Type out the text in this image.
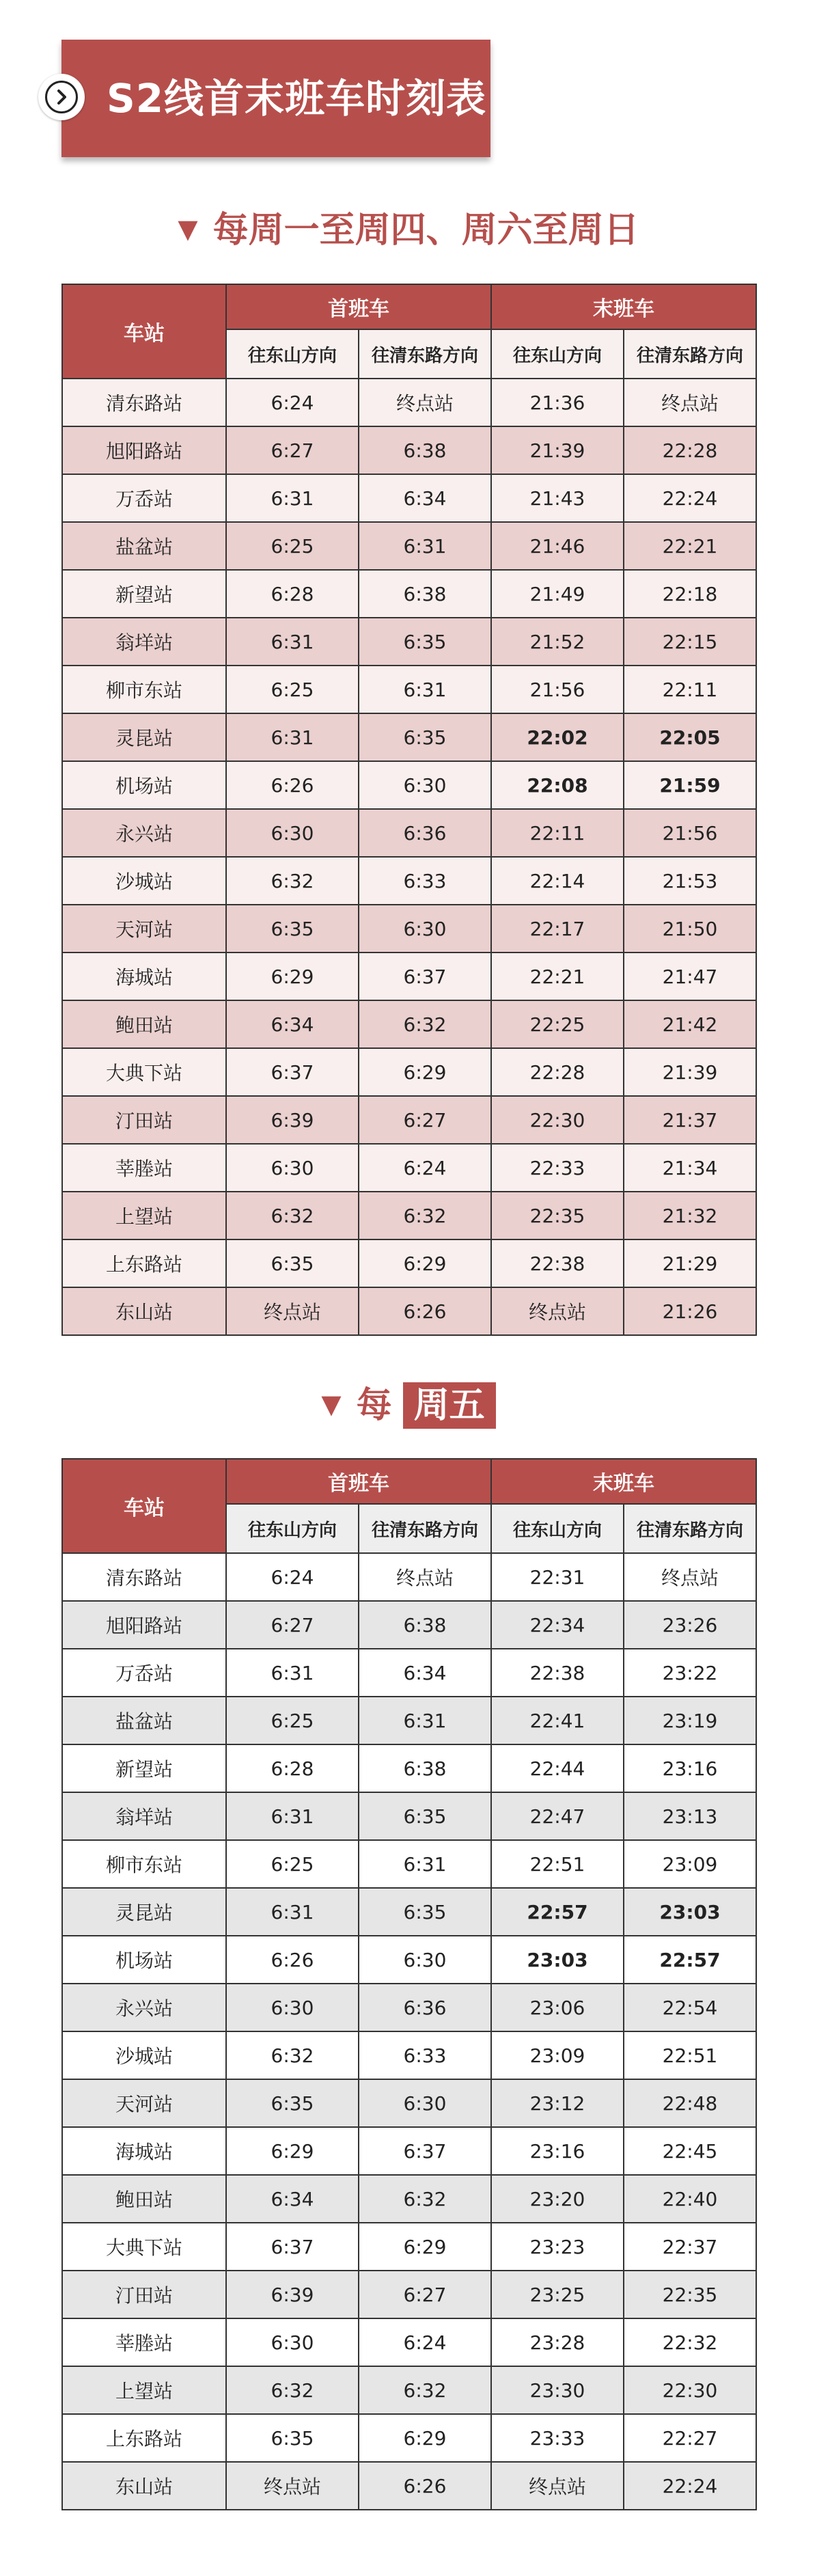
S2线首末班车时刻表
▼ 每周一至周四、周六至周日
车站	首班车		末班车	
	往东山方向	往清东路方向	往东山方向	往清东路方向
清东路站	6:24	终点站	21:36	终点站
旭阳路站	6:27	6:38	21:39	22:28
万岙站	6:31	6:34	21:43	22:24
盐盆站	6:25	6:31	21:46	22:21
新望站	6:28	6:38	21:49	22:18
翁垟站	6:31	6:35	21:52	22:15
柳市东站	6:25	6:31	21:56	22:11
灵昆站	6:31	6:35	22:02	22:05
机场站	6:26	6:30	22:08	21:59
永兴站	6:30	6:36	22:11	21:56
沙城站	6:32	6:33	22:14	21:53
天河站	6:35	6:30	22:17	21:50
海城站	6:29	6:37	22:21	21:47
鲍田站	6:34	6:32	22:25	21:42
大典下站	6:37	6:29	22:28	21:39
汀田站	6:39	6:27	22:30	21:37
莘塍站	6:30	6:24	22:33	21:34
上望站	6:32	6:32	22:35	21:32
上东路站	6:35	6:29	22:38	21:29
东山站	终点站	6:26	终点站	21:26
▼ 每 周五
车站	首班车		末班车	
	往东山方向	往清东路方向	往东山方向	往清东路方向
清东路站	6:24	终点站	22:31	终点站
旭阳路站	6:27	6:38	22:34	23:26
万岙站	6:31	6:34	22:38	23:22
盐盆站	6:25	6:31	22:41	23:19
新望站	6:28	6:38	22:44	23:16
翁垟站	6:31	6:35	22:47	23:13
柳市东站	6:25	6:31	22:51	23:09
灵昆站	6:31	6:35	22:57	23:03
机场站	6:26	6:30	23:03	22:57
永兴站	6:30	6:36	23:06	22:54
沙城站	6:32	6:33	23:09	22:51
天河站	6:35	6:30	23:12	22:48
海城站	6:29	6:37	23:16	22:45
鲍田站	6:34	6:32	23:20	22:40
大典下站	6:37	6:29	23:23	22:37
汀田站	6:39	6:27	23:25	22:35
莘塍站	6:30	6:24	23:28	22:32
上望站	6:32	6:32	23:30	22:30
上东路站	6:35	6:29	23:33	22:27
东山站	终点站	6:26	终点站	22:24
